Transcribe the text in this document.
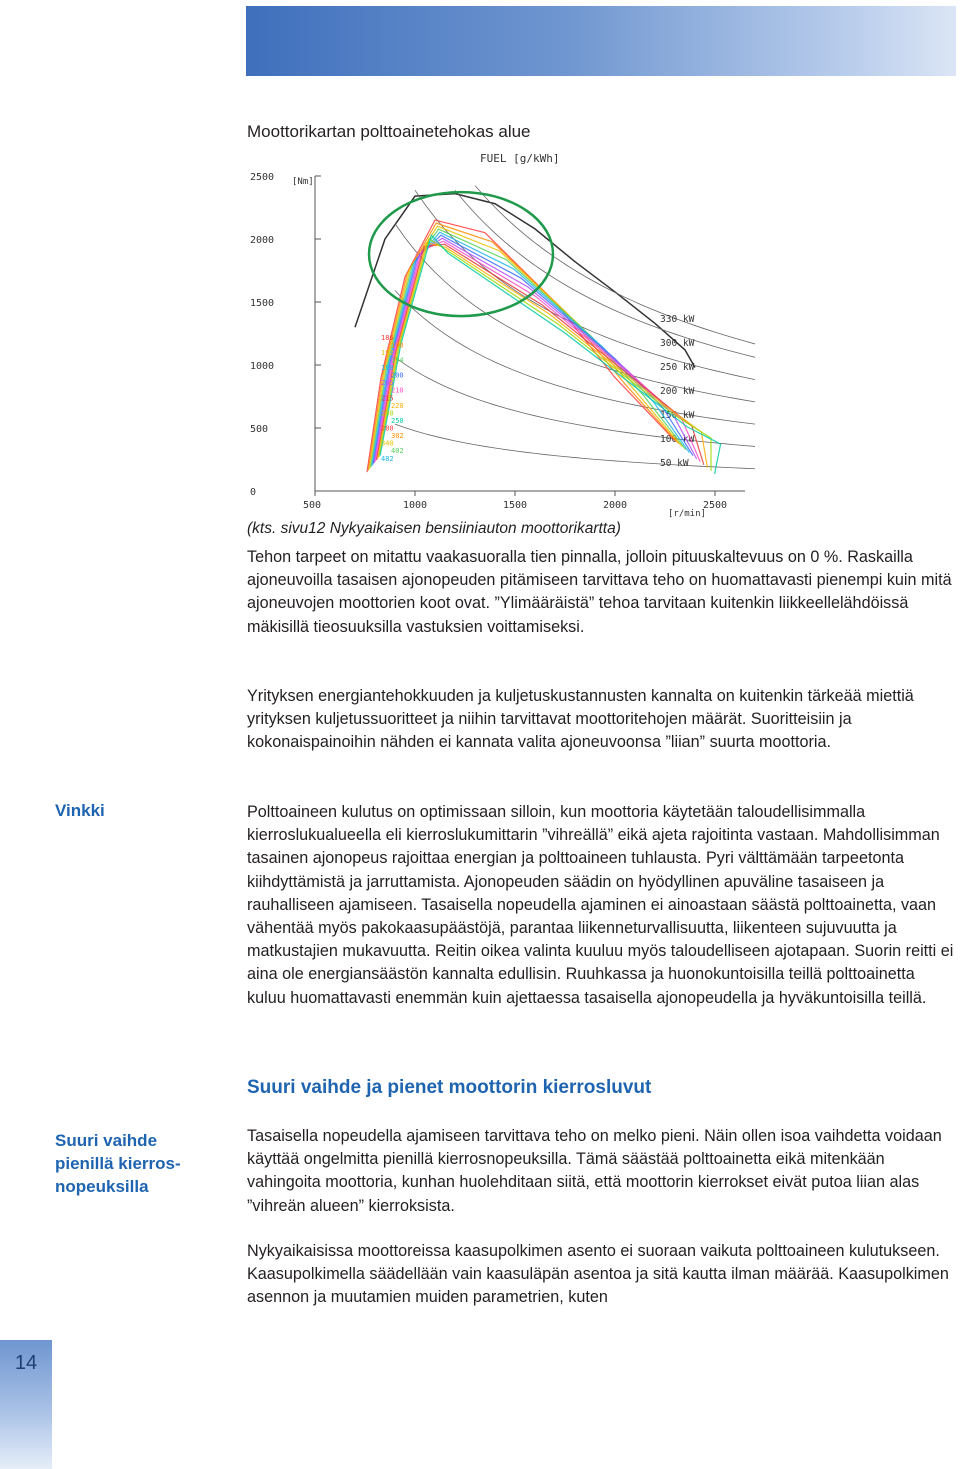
Moottorikartan polttoainetehokas alue
FUEL [g/kWh]
[Nm]
[r/min]
0
500
1000
1500
2000
2500
500	1000	1500	2000	2500
330 kW
300 kW
250 kW
200 kW
150 kW
100 kW
50 kW
186
190
192
194
198
200
205
210
215
220
230
250
280
302
340
402
482
(kts. sivu12 Nykyaikaisen bensiiniauton moottorikartta)
Tehon tarpeet on mitattu vaakasuoralla tien pinnalla, jolloin pituuskaltevuus on 0 %. Raskailla ajoneuvoilla tasaisen ajonopeuden pitämiseen tarvittava teho on huomattavasti pienempi kuin mitä ajoneuvojen moottorien koot ovat. ”Ylimääräistä” tehoa tarvitaan kuitenkin liikkeellelähdöissä mäkisillä tieosuuksilla vastuksien voittamiseksi.
Yrityksen energiantehokkuuden ja kuljetuskustannusten kannalta on kuitenkin tärkeää miettiä yrityksen kuljetussuoritteet ja niihin tarvittavat moottoritehojen määrät. Suoritteisiin ja kokonaispainoihin nähden ei kannata valita ajoneuvoonsa ”liian” suurta moottoria.
Vinkki	Polttoaineen kulutus on optimissaan silloin, kun moottoria käytetään taloudellisimmalla kierroslukualueella eli kierroslukumittarin ”vihreällä” eikä ajeta rajoitinta vastaan. Mahdollisimman tasainen ajonopeus rajoittaa energian ja polttoaineen tuhlausta. Pyri välttämään tarpeetonta kiihdyttämistä ja jarruttamista. Ajonopeuden säädin on hyödyllinen apuväline tasaiseen ja rauhalliseen ajamiseen. Tasaisella nopeudella ajaminen ei ainoastaan säästä polttoainetta, vaan vähentää myös pakokaasupäästöjä, parantaa liikenneturvallisuutta, liikenteen sujuvuutta ja matkustajien mukavuutta. Reitin oikea valinta kuuluu myös taloudelliseen ajotapaan. Suorin reitti ei aina ole energiansäästön kannalta edullisin. Ruuhkassa ja huonokuntoisilla teillä polttoainetta kuluu huomattavasti enemmän kuin ajettaessa tasaisella ajonopeudella ja hyväkuntoisilla teillä.
Suuri vaihde ja pienet moottorin kierrosluvut
Suuri vaihde pienillä kierros-nopeuksilla
Tasaisella nopeudella ajamiseen tarvittava teho on melko pieni. Näin ollen isoa vaihdetta voidaan käyttää ongelmitta pienillä kierrosnopeuksilla. Tämä säästää polttoainetta eikä mitenkään vahingoita moottoria, kunhan huolehditaan siitä, että moottorin kierrokset eivät putoa liian alas ”vihreän alueen” kierroksista.
Nykyaikaisissa moottoreissa kaasupolkimen asento ei suoraan vaikuta polttoaineen kulutukseen. Kaasupolkimella säädellään vain kaasuläpän asentoa ja sitä kautta ilman määrää. Kaasupolkimen asennon ja muutamien muiden parametrien, kuten
14
